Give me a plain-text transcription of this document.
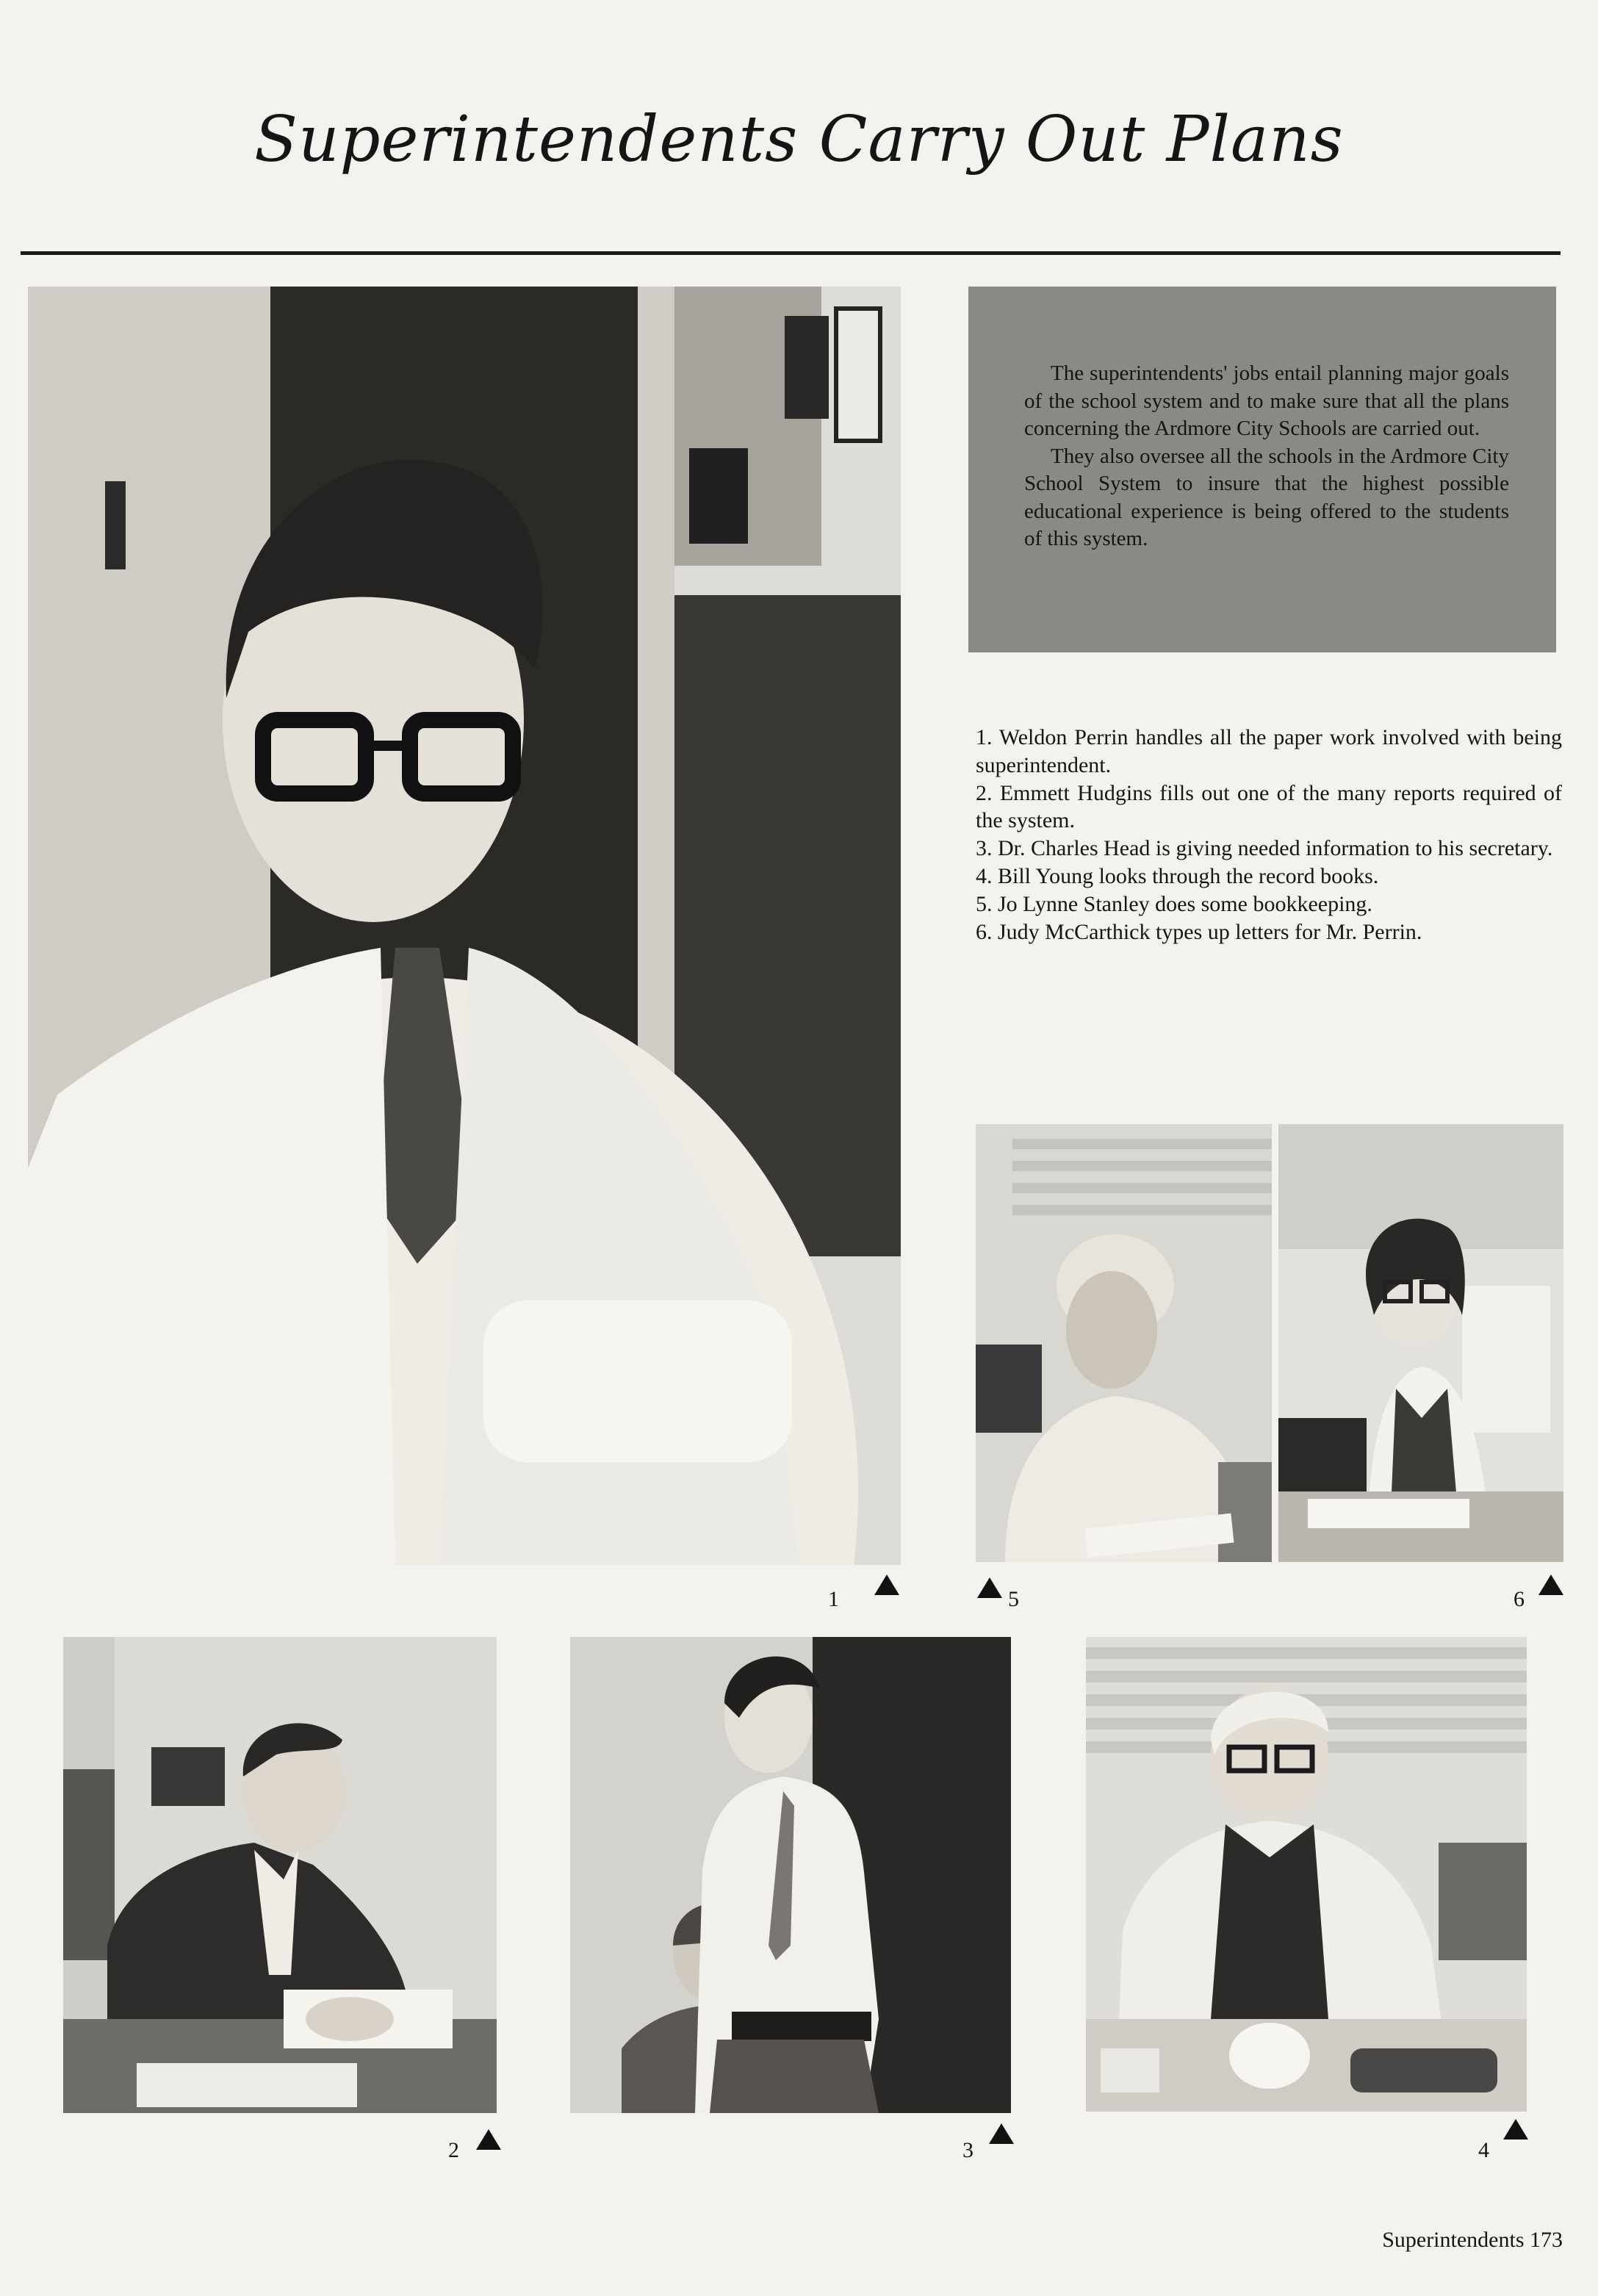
Superintendents Carry Out Plans

The superintendents' jobs entail planning major goals of the school system and to make sure that all the plans concerning the Ardmore City Schools are carried out.

They also oversee all the schools in the Ardmore City School System to insure that the highest possible educational experience is being offered to the students of this system.

1. Weldon Perrin handles all the paper work involved with being superintendent.
2. Emmett Hudgins fills out one of the many reports required of the system.
3. Dr. Charles Head is giving needed information to his secretary.
4. Bill Young looks through the record books.
5. Jo Lynne Stanley does some bookkeeping.
6. Judy McCarthick types up letters for Mr. Perrin.
1	5	6
2	3	4
Superintendents 173
